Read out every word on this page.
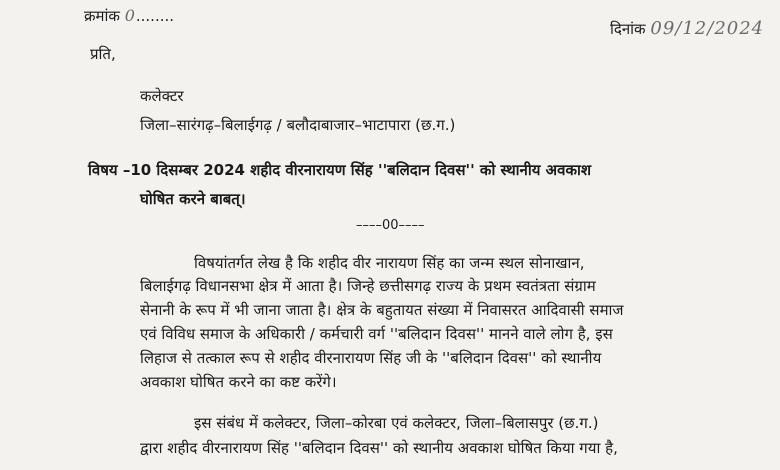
क्रमांक 0........
दिनांक 09/12/2024
प्रति,
कलेक्टर
जिला–सारंगढ़–बिलाईगढ़ / बलौदाबाजार–भाटापारा (छ.ग.)
विषय –10 दिसम्बर 2024 शहीद वीरनारायण सिंह ''बलिदान दिवस'' को स्थानीय अवकाश
घोषित करने बाबत्।
––––00––––
विषयांतर्गत लेख है कि शहीद वीर नारायण सिंह का जन्म स्थल सोनाखान,
बिलाईगढ़ विधानसभा क्षेत्र में आता है। जिन्हे छत्तीसगढ़ राज्य के प्रथम स्वतंत्रता संग्राम
सेनानी के रूप में भी जाना जाता है। क्षेत्र के बहुतायत संख्या में निवासरत आदिवासी समाज
एवं विविध समाज के अधिकारी / कर्मचारी वर्ग ''बलिदान दिवस'' मानने वाले लोग है, इस
लिहाज से तत्काल रूप से शहीद वीरनारायण सिंह जी के ''बलिदान दिवस'' को स्थानीय
अवकाश घोषित करने का कष्ट करेंगे।
इस संबंध में कलेक्टर, जिला–कोरबा एवं कलेक्टर, जिला–बिलासपुर (छ.ग.)
द्वारा शहीद वीरनारायण सिंह ''बलिदान दिवस'' को स्थानीय अवकाश घोषित किया गया है,
